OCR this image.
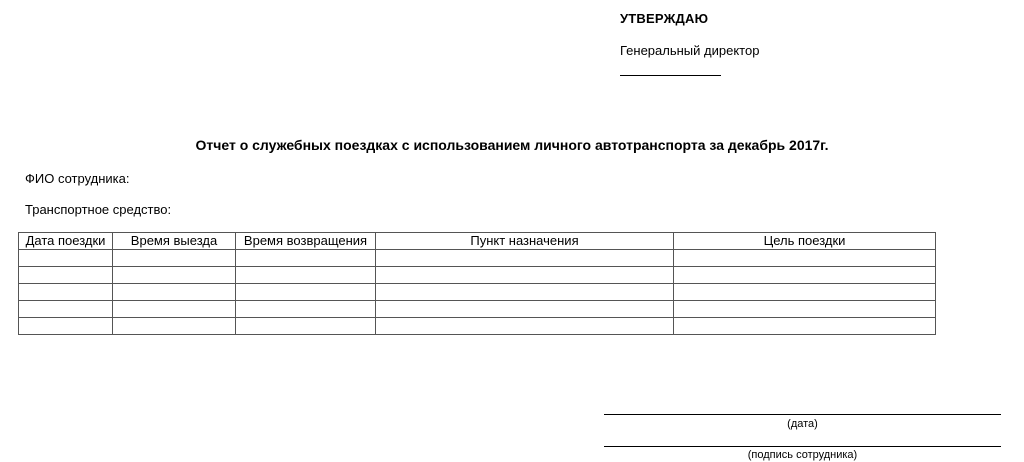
УТВЕРЖДАЮ
Генеральный директор
Отчет о служебных поездках с использованием личного автотранспорта за декабрь 2017г.
ФИО сотрудника:
Транспортное средство:
Дата поездки	Время выезда	Время возвращения	Пункт назначения	Цель поездки

(дата)
(подпись сотрудника)
